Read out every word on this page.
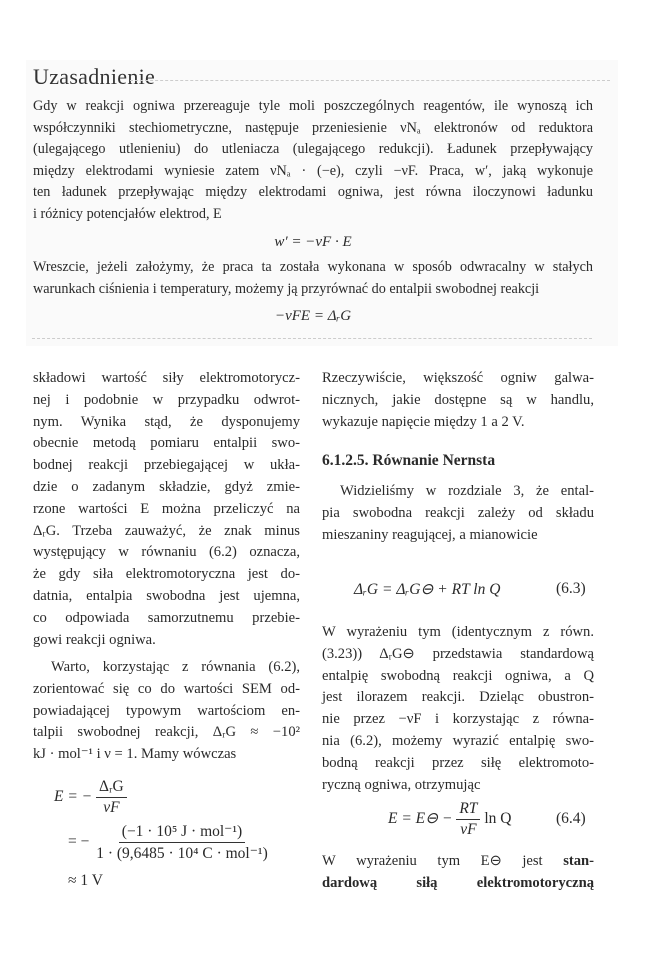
Uzasadnienie
Gdy w reakcji ogniwa przereaguje tyle moli poszczególnych reagentów, ile wynoszą ich
współczynniki stechiometryczne, następuje przeniesienie νNₐ elektronów od reduktora
(ulegającego utlenieniu) do utleniacza (ulegającego redukcji). Ładunek przepływający
między elektrodami wyniesie zatem νNₐ · (−e), czyli −νF. Praca, w′, jaką wykonuje
ten ładunek przepływając między elektrodami ogniwa, jest równa iloczynowi ładunku
i różnicy potencjałów elektrod, E
w′ = −νF · E
Wreszcie, jeżeli założymy, że praca ta została wykonana w sposób odwracalny w stałych
warunkach ciśnienia i temperatury, możemy ją przyrównać do entalpii swobodnej reakcji
−νFE = ΔᵣG
składowi wartość siły elektromotorycz-
nej i podobnie w przypadku odwrot-
nym. Wynika stąd, że dysponujemy
obecnie metodą pomiaru entalpii swo-
bodnej reakcji przebiegającej w ukła-
dzie o zadanym składzie, gdyż zmie-
rzone wartości E można przeliczyć na
ΔᵣG. Trzeba zauważyć, że znak minus
występujący w równaniu (6.2) oznacza,
że gdy siła elektromotoryczna jest do-
datnia, entalpia swobodna jest ujemna,
co odpowiada samorzutnemu przebie-
gowi reakcji ogniwa.
Warto, korzystając z równania (6.2),
zorientować się co do wartości SEM od-
powiadającej typowym wartościom en-
talpii swobodnej reakcji, ΔᵣG ≈ −10²
kJ · mol⁻¹ i ν = 1. Mamy wówczas
E = − $\frac{\text{ΔᵣG}}{\nu F}$
= − $\frac{\text{(−1 · 10⁵ J · mol⁻¹)}}{\text{1 · (9,6485 · 10⁴ C · mol⁻¹)}}$
≈ 1 V
Rzeczywiście, większość ogniw galwa-
nicznych, jakie dostępne są w handlu,
wykazuje napięcie między 1 a 2 V.
6.1.2.5. Równanie Nernsta
Widzieliśmy w rozdziale 3, że ental-
pia swobodna reakcji zależy od składu
mieszaniny reagującej, a mianowicie
ΔᵣG = ΔᵣG⊖ + RT ln Q	(6.3)
W wyrażeniu tym (identycznym z równ.
(3.23)) ΔᵣG⊖ przedstawia standardową
entalpię swobodną reakcji ogniwa, a Q
jest ilorazem reakcji. Dzieląc obustron-
nie przez −νF i korzystając z równa-
nia (6.2), możemy wyrazić entalpię swo-
bodną reakcji przez siłę elektromoto-
ryczną ogniwa, otrzymując
E = E⊖ − $\frac{RT}{\nu F}$ ln Q	(6.4)
W wyrażeniu tym E⊖ jest stan-
dardową siłą elektromotoryczną
